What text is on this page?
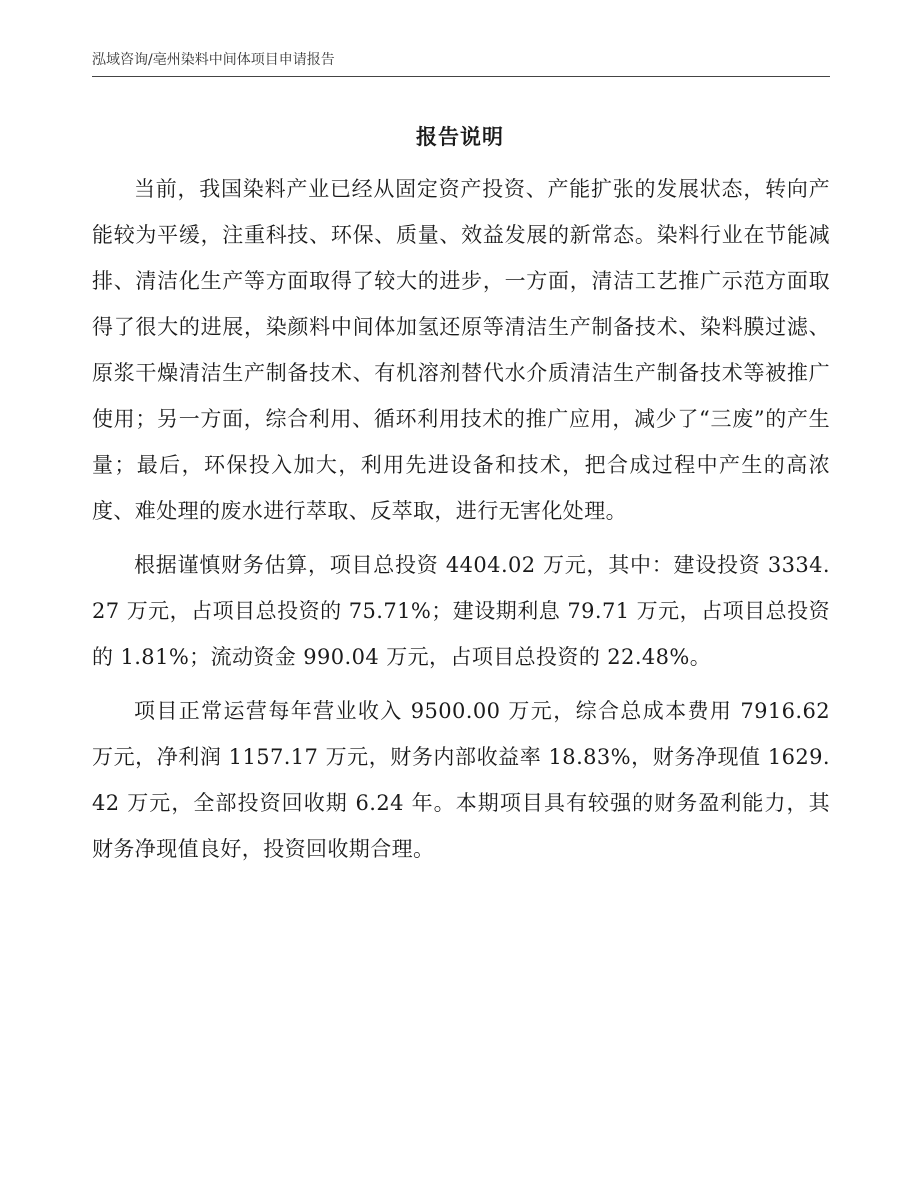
泓域咨询/亳州染料中间体项目申请报告
报告说明

当前，我国染料产业已经从固定资产投资、产能扩张的发展状态，转向产能较为平缓，注重科技、环保、质量、效益发展的新常态。染料行业在节能减排、清洁化生产等方面取得了较大的进步，一方面，清洁工艺推广示范方面取得了很大的进展，染颜料中间体加氢还原等清洁生产制备技术、染料膜过滤、原浆干燥清洁生产制备技术、有机溶剂替代水介质清洁生产制备技术等被推广使用；另一方面，综合利用、循环利用技术的推广应用，减少了“三废”的产生量；最后，环保投入加大，利用先进设备和技术，把合成过程中产生的高浓度、难处理的废水进行萃取、反萃取，进行无害化处理。

根据谨慎财务估算，项目总投资 4404.02 万元，其中：建设投资 3334.27 万元，占项目总投资的 75.71%；建设期利息 79.71 万元，占项目总投资的 1.81%；流动资金 990.04 万元，占项目总投资的 22.48%。

项目正常运营每年营业收入 9500.00 万元，综合总成本费用 7916.62 万元，净利润 1157.17 万元，财务内部收益率 18.83%，财务净现值 1629.42 万元，全部投资回收期 6.24 年。本期项目具有较强的财务盈利能力，其财务净现值良好，投资回收期合理。
